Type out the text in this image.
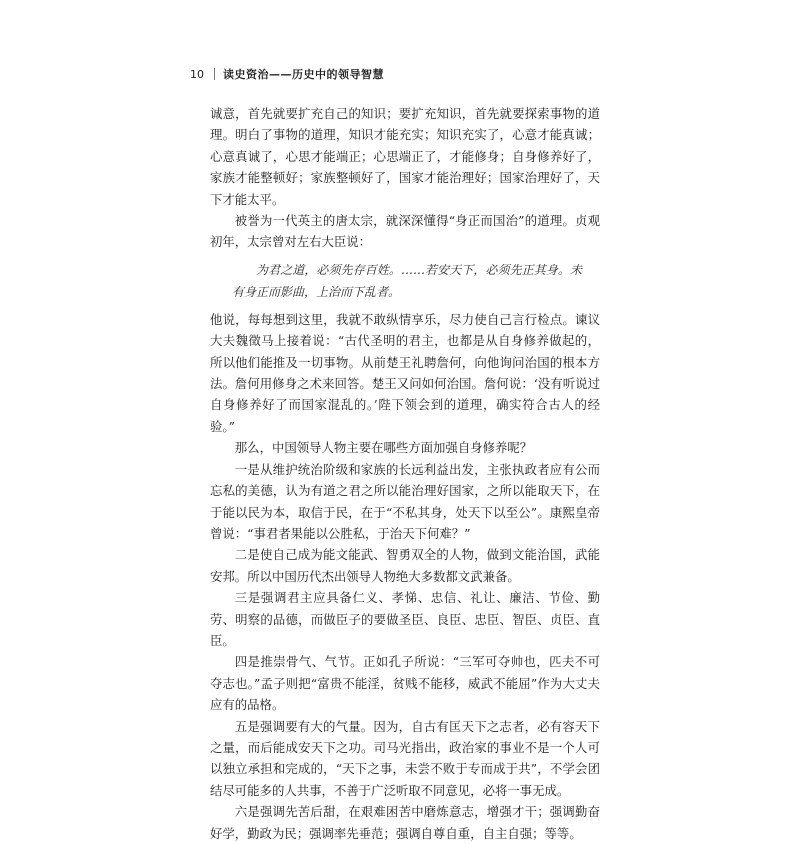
10	读史资治——历史中的领导智慧

诚意，首先就要扩充自己的知识；要扩充知识，首先就要探索事物的道理。明白了事物的道理，知识才能充实；知识充实了，心意才能真诚；心意真诚了，心思才能端正；心思端正了，才能修身；自身修养好了，家族才能整顿好；家族整顿好了，国家才能治理好；国家治理好了，天下才能太平。

被誉为一代英主的唐太宗，就深深懂得“身正而国治”的道理。贞观初年，太宗曾对左右大臣说：

为君之道，必须先存百姓。……若安天下，必须先正其身。未有身正而影曲，上治而下乱者。

他说，每每想到这里，我就不敢纵情享乐，尽力使自己言行检点。谏议大夫魏徵马上接着说：“古代圣明的君主，也都是从自身修养做起的，所以他们能推及一切事物。从前楚王礼聘詹何，向他询问治国的根本方法。詹何用修身之术来回答。楚王又问如何治国。詹何说：‘没有听说过自身修养好了而国家混乱的。’陛下领会到的道理，确实符合古人的经验。”

那么，中国领导人物主要在哪些方面加强自身修养呢？

一是从维护统治阶级和家族的长远利益出发，主张执政者应有公而忘私的美德，认为有道之君之所以能治理好国家，之所以能取天下，在于能以民为本，取信于民，在于“不私其身，处天下以至公”。康熙皇帝曾说：“事君者果能以公胜私，于治天下何难？”

二是使自己成为能文能武、智勇双全的人物，做到文能治国，武能安邦。所以中国历代杰出领导人物绝大多数都文武兼备。

三是强调君主应具备仁义、孝悌、忠信、礼让、廉洁、节俭、勤劳、明察的品德，而做臣子的要做圣臣、良臣、忠臣、智臣、贞臣、直臣。

四是推崇骨气、气节。正如孔子所说：“三军可夺帅也，匹夫不可夺志也。”孟子则把“富贵不能淫，贫贱不能移，威武不能屈”作为大丈夫应有的品格。

五是强调要有大的气量。因为，自古有匡天下之志者，必有容天下之量，而后能成安天下之功。司马光指出，政治家的事业不是一个人可以独立承担和完成的，“天下之事，未尝不败于专而成于共”，不学会团结尽可能多的人共事，不善于广泛听取不同意见，必将一事无成。

六是强调先苦后甜，在艰难困苦中磨炼意志，增强才干；强调勤奋好学，勤政为民；强调率先垂范；强调自尊自重，自主自强；等等。
